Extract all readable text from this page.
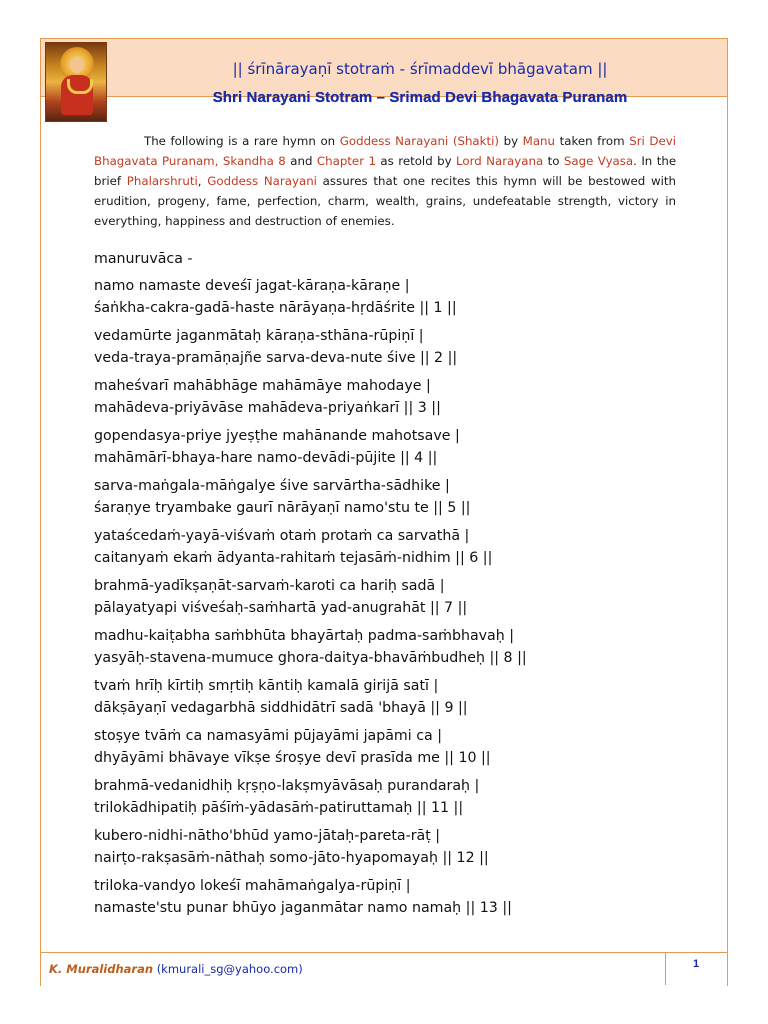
|| śrīnārayaṇī stotraṁ - śrīmaddevī bhāgavatam ||
Shri Narayani Stotram – Srimad Devi Bhagavata Puranam
The following is a rare hymn on Goddess Narayani (Shakti) by Manu taken from Sri Devi Bhagavata Puranam, Skandha 8 and Chapter 1 as retold by Lord Narayana to Sage Vyasa. In the brief Phalarshruti, Goddess Narayani assures that one recites this hymn will be bestowed with erudition, progeny, fame, perfection, charm, wealth, grains, undefeatable strength, victory in everything, happiness and destruction of enemies.
manuruvāca -
namo namaste deveśī jagat-kāraṇa-kāraṇe |
śaṅkha-cakra-gadā-haste nārāyaṇa-hṛdāśrite || 1 ||
vedamūrte jaganmātaḥ kāraṇa-sthāna-rūpiṇī |
veda-traya-pramāṇajñe sarva-deva-nute śive || 2 ||
maheśvarī mahābhāge mahāmāye mahodaye |
mahādeva-priyāvāse mahādeva-priyaṅkarī || 3 ||
gopendasya-priye jyeṣṭhe mahānande mahotsave |
mahāmārī-bhaya-hare namo-devādi-pūjite || 4 ||
sarva-maṅgala-māṅgalye śive sarvārtha-sādhike |
śaraṇye tryambake gaurī nārāyaṇī namo'stu te || 5 ||
yataścedaṁ-yayā-viśvaṁ otaṁ protaṁ ca sarvathā |
caitanyaṁ ekaṁ ādyanta-rahitaṁ tejasāṁ-nidhim || 6 ||
brahmā-yadīkṣaṇāt-sarvaṁ-karoti ca hariḥ sadā |
pālayatyapi viśveśaḥ-saṁhartā yad-anugrahāt || 7 ||
madhu-kaiṭabha saṁbhūta bhayārtaḥ padma-saṁbhavaḥ |
yasyāḥ-stavena-mumuce ghora-daitya-bhavāṁbudheḥ || 8 ||
tvaṁ hrīḥ kīrtiḥ smṛtiḥ kāntiḥ kamalā girijā satī |
dākṣāyaṇī vedagarbhā siddhidātrī sadā 'bhayā || 9 ||
stoṣye tvāṁ ca namasyāmi pūjayāmi japāmi ca |
dhyāyāmi bhāvaye vīkṣe śroṣye devī prasīda me || 10 ||
brahmā-vedanidhiḥ kṛṣṇo-lakṣmyāvāsaḥ purandaraḥ |
trilokādhipatiḥ pāśīṁ-yādasāṁ-patiruttamaḥ || 11 ||
kubero-nidhi-nātho'bhūd yamo-jātaḥ-pareta-rāṭ |
nairṭo-rakṣasāṁ-nāthaḥ somo-jāto-hyapomayaḥ || 12 ||
triloka-vandyo lokeśī mahāmaṅgalya-rūpiṇī |
namaste'stu punar bhūyo jaganmātar namo namaḥ || 13 ||
K. Muralidharan (kmurali_sg@yahoo.com)	1
